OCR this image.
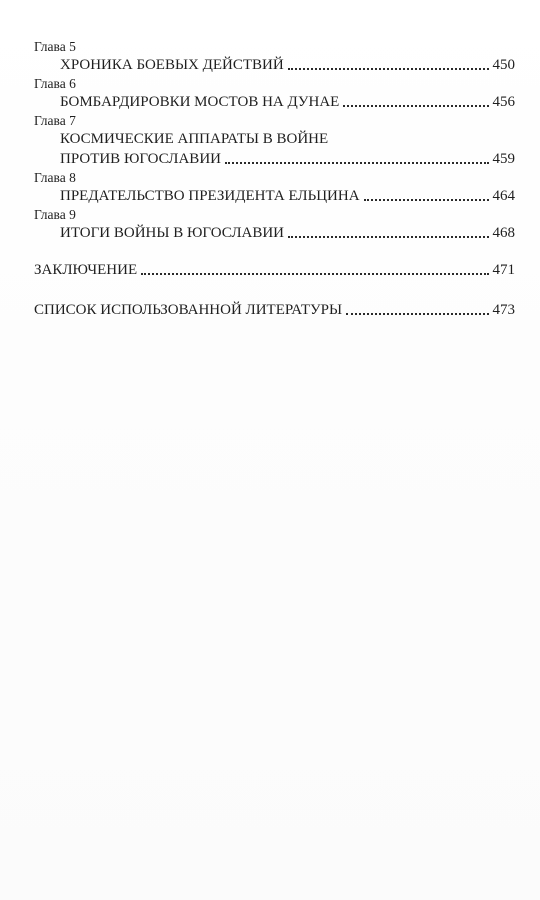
Глава 5
ХРОНИКА БОЕВЫХ ДЕЙСТВИЙ	450
Глава 6
БОМБАРДИРОВКИ МОСТОВ НА ДУНАЕ	456
Глава 7
КОСМИЧЕСКИЕ АППАРАТЫ В ВОЙНЕ
ПРОТИВ ЮГОСЛАВИИ	459
Глава 8
ПРЕДАТЕЛЬСТВО ПРЕЗИДЕНТА ЕЛЬЦИНА	464
Глава 9
ИТОГИ ВОЙНЫ В ЮГОСЛАВИИ	468
ЗАКЛЮЧЕНИЕ	471
СПИСОК ИСПОЛЬЗОВАННОЙ ЛИТЕРАТУРЫ	473
